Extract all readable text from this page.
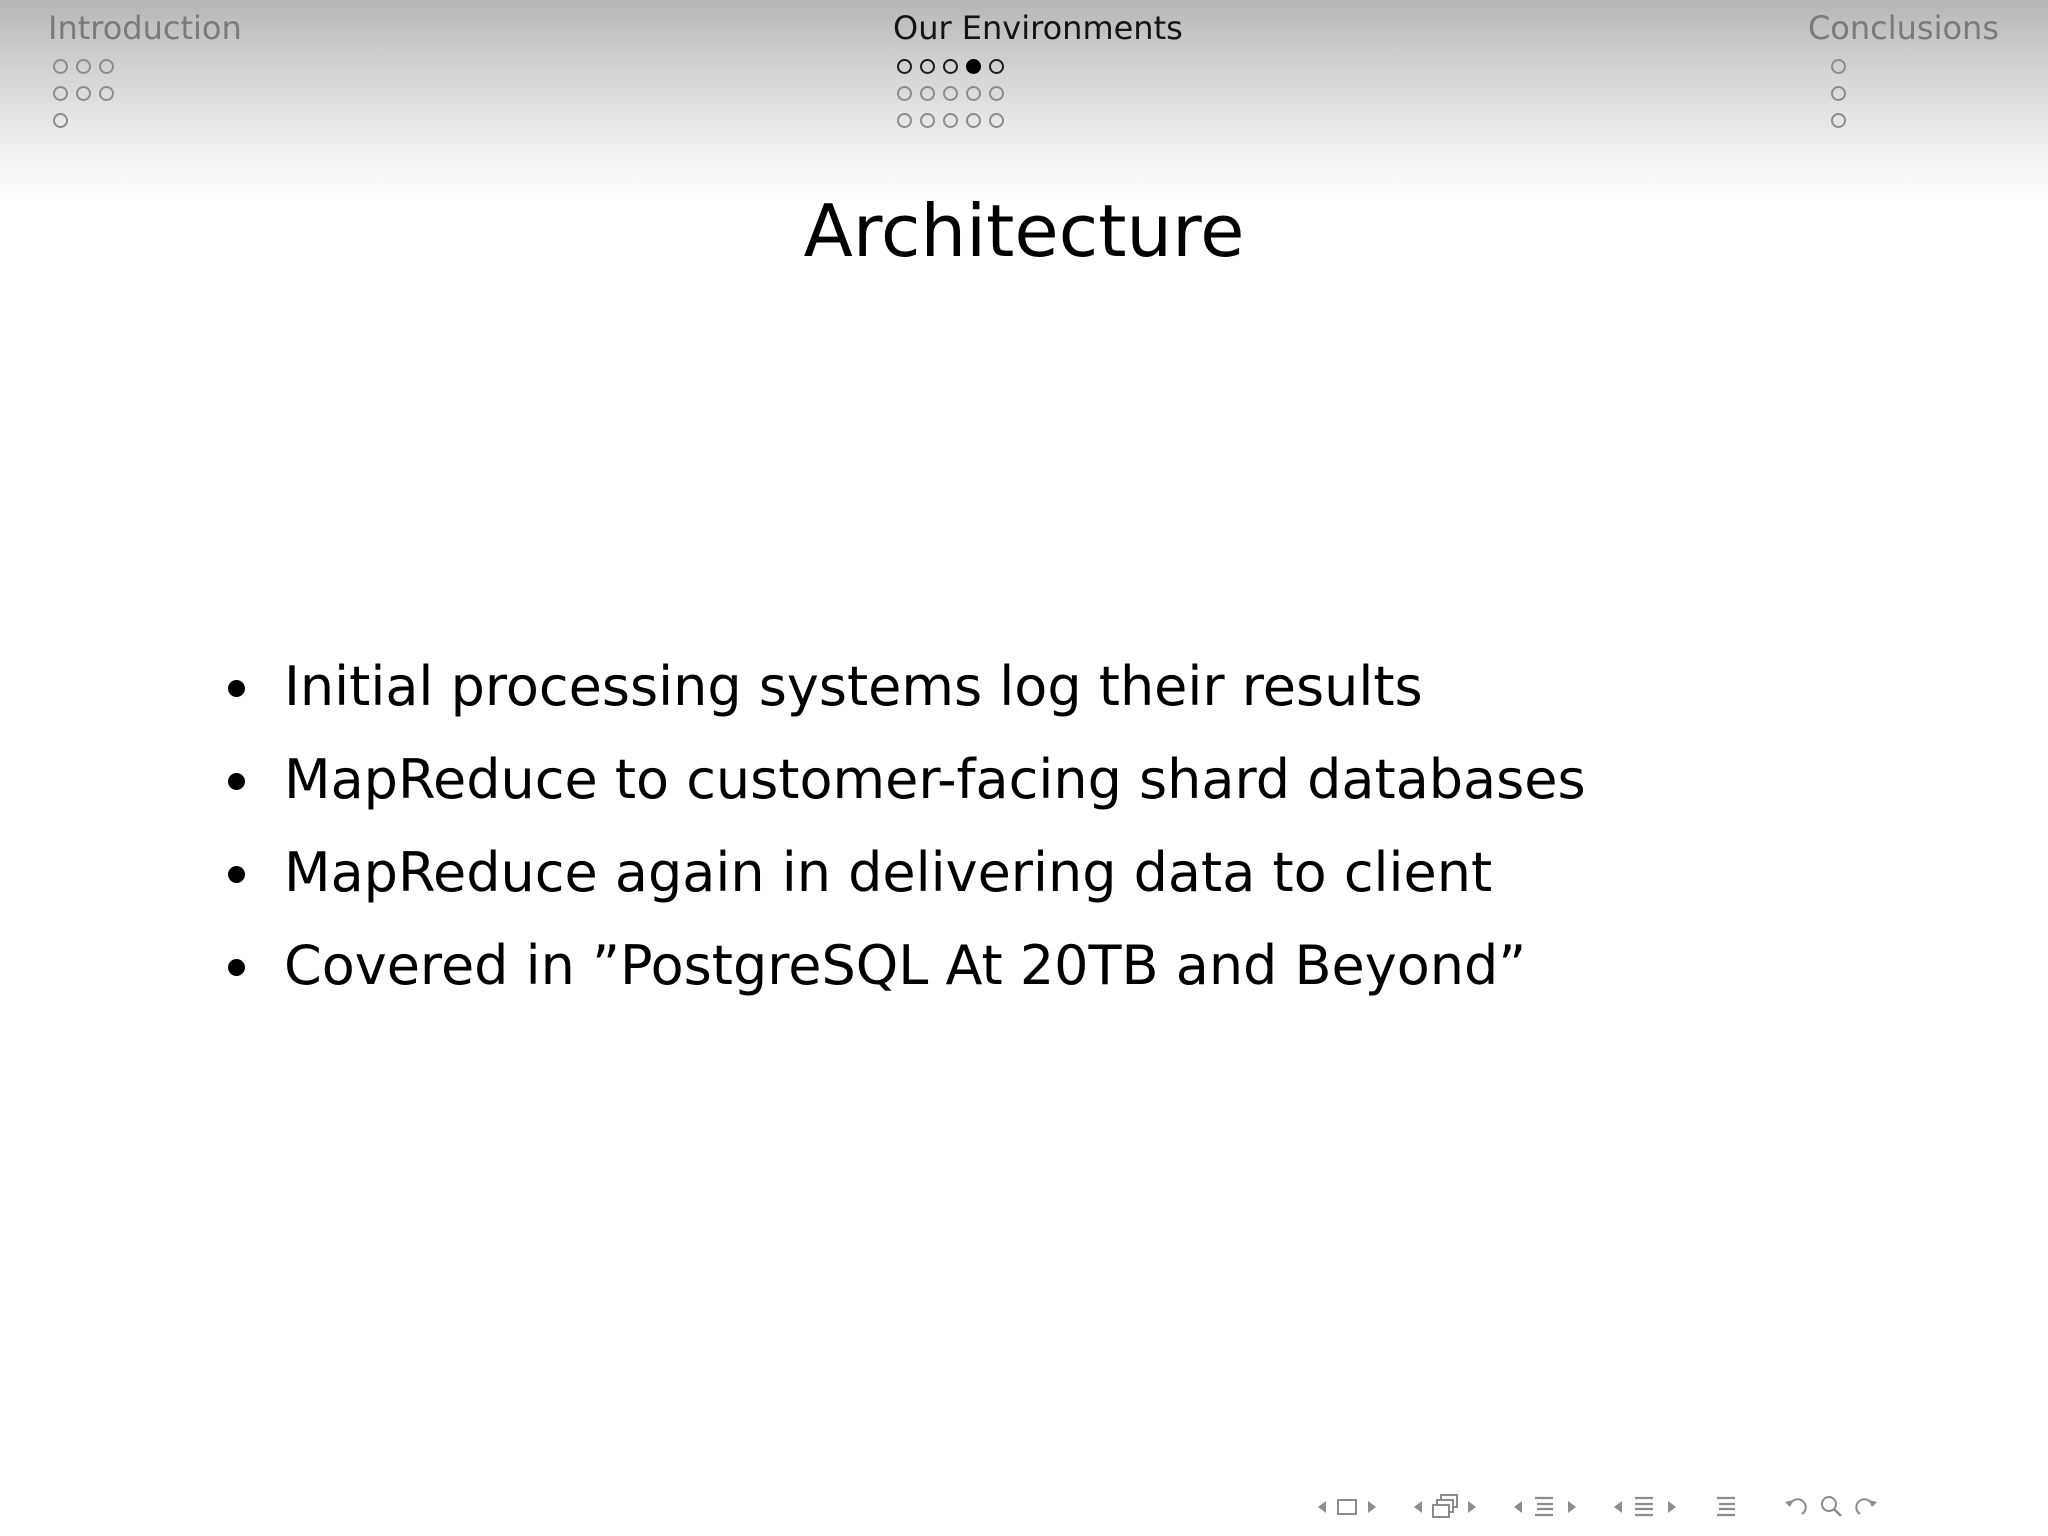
Introduction	Our Environments	Conclusions
Architecture
Initial processing systems log their results
MapReduce to customer-facing shard databases
MapReduce again in delivering data to client
Covered in ”PostgreSQL At 20TB and Beyond”
